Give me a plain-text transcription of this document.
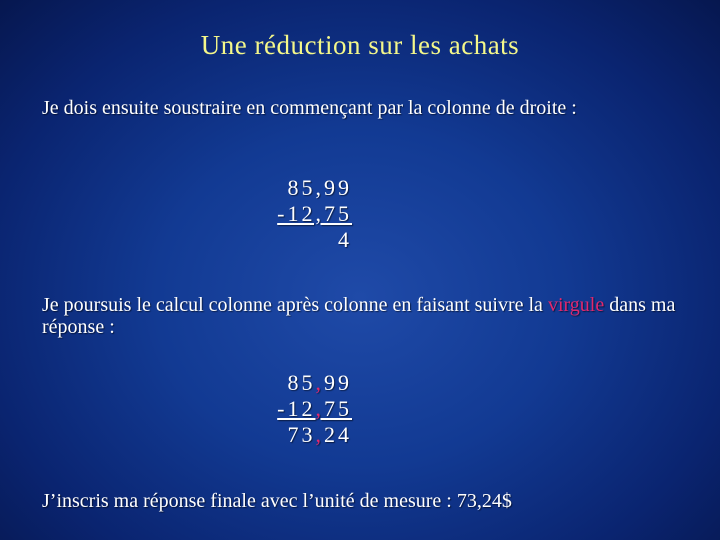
Une réduction sur les achats
Je dois ensuite soustraire en commençant par la colonne de droite :
85,99
-12,75
4
Je poursuis le calcul colonne après colonne en faisant suivre la virgule dans ma réponse :
85,99
-12,75
73,24
J’inscris ma réponse finale avec l’unité de mesure : 73,24$
